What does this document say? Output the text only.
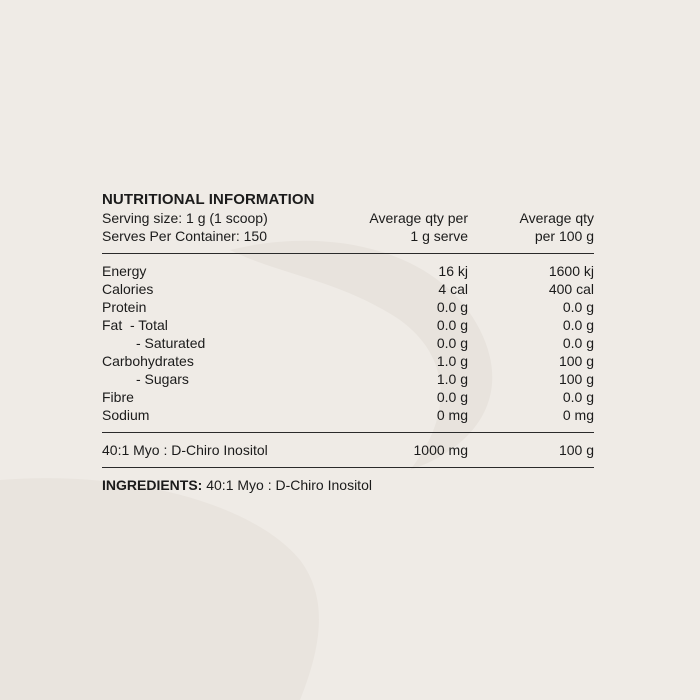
NUTRITIONAL INFORMATION
Serving size: 1 g (1 scoop)	Average qty per	Average qty
Serves Per Container: 150	1 g serve	per 100 g
Energy	16 kj	1600 kj
Calories	4 cal	400 cal
Protein	0.0 g	0.0 g
Fat  - Total	0.0 g	0.0 g
- Saturated	0.0 g	0.0 g
Carbohydrates	1.0 g	100 g
- Sugars	1.0 g	100 g
Fibre	0.0 g	0.0 g
Sodium	0 mg	0 mg
40:1 Myo : D-Chiro Inositol	1000 mg	100 g
INGREDIENTS: 40:1 Myo : D-Chiro Inositol
